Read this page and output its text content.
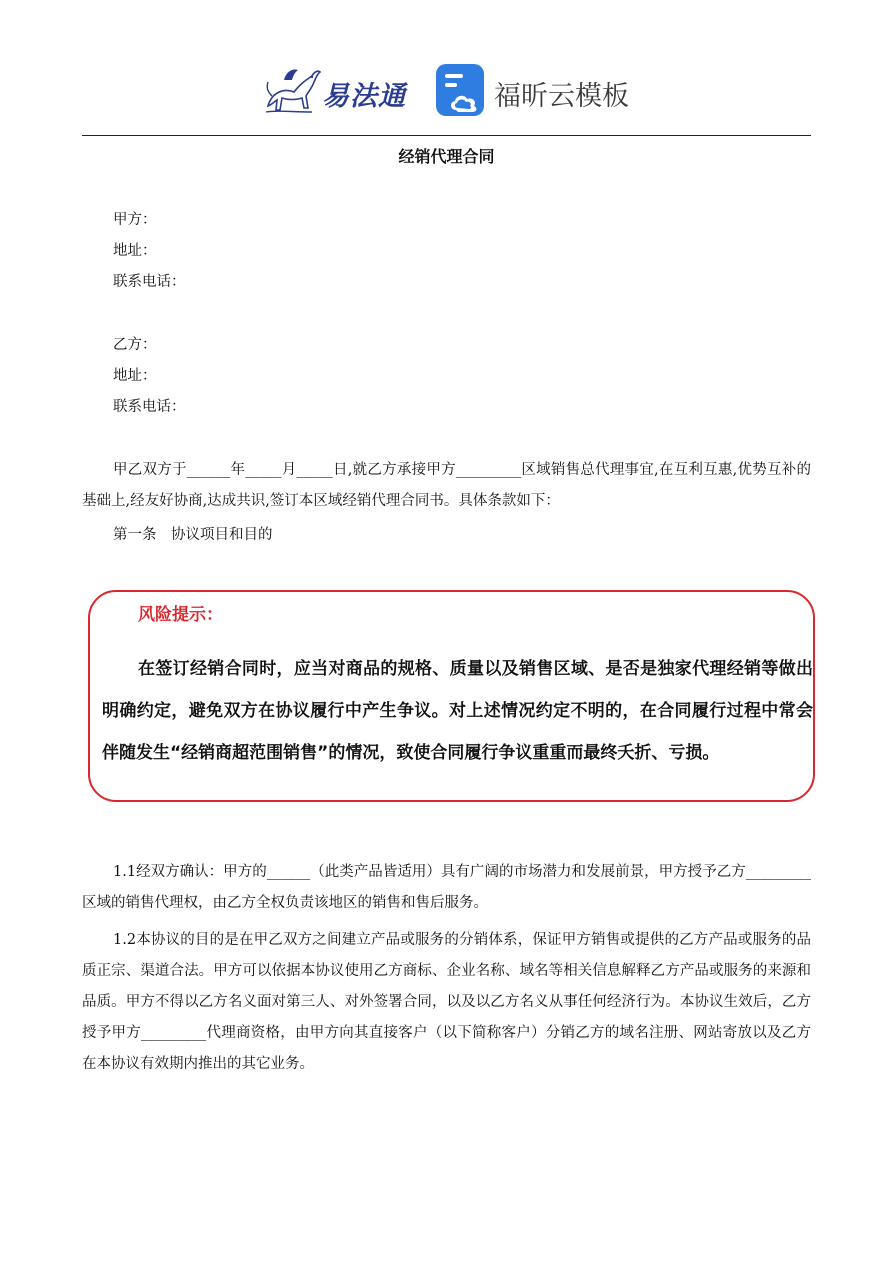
易法通	福昕云模板
经销代理合同
甲方：
地址：
联系电话：
乙方：
地址：
联系电话：
甲乙双方于______年_____月_____日,就乙方承接甲方_________区域销售总代理事宜,在互利互惠,优势互补的基础上,经友好协商,达成共识,签订本区域经销代理合同书。具体条款如下：
第一条　协议项目和目的
风险提示：
在签订经销合同时，应当对商品的规格、质量以及销售区域、是否是独家代理经销等做出明确约定，避免双方在协议履行中产生争议。对上述情况约定不明的，在合同履行过程中常会伴随发生“经销商超范围销售”的情况，致使合同履行争议重重而最终夭折、亏损。
1.1经双方确认：甲方的______（此类产品皆适用）具有广阔的市场潜力和发展前景，甲方授予乙方_________区域的销售代理权，由乙方全权负责该地区的销售和售后服务。
1.2本协议的目的是在甲乙双方之间建立产品或服务的分销体系，保证甲方销售或提供的乙方产品或服务的品质正宗、渠道合法。甲方可以依据本协议使用乙方商标、企业名称、域名等相关信息解释乙方产品或服务的来源和品质。甲方不得以乙方名义面对第三人、对外签署合同，以及以乙方名义从事任何经济行为。本协议生效后，乙方授予甲方_________代理商资格，由甲方向其直接客户（以下简称客户）分销乙方的域名注册、网站寄放以及乙方在本协议有效期内推出的其它业务。
